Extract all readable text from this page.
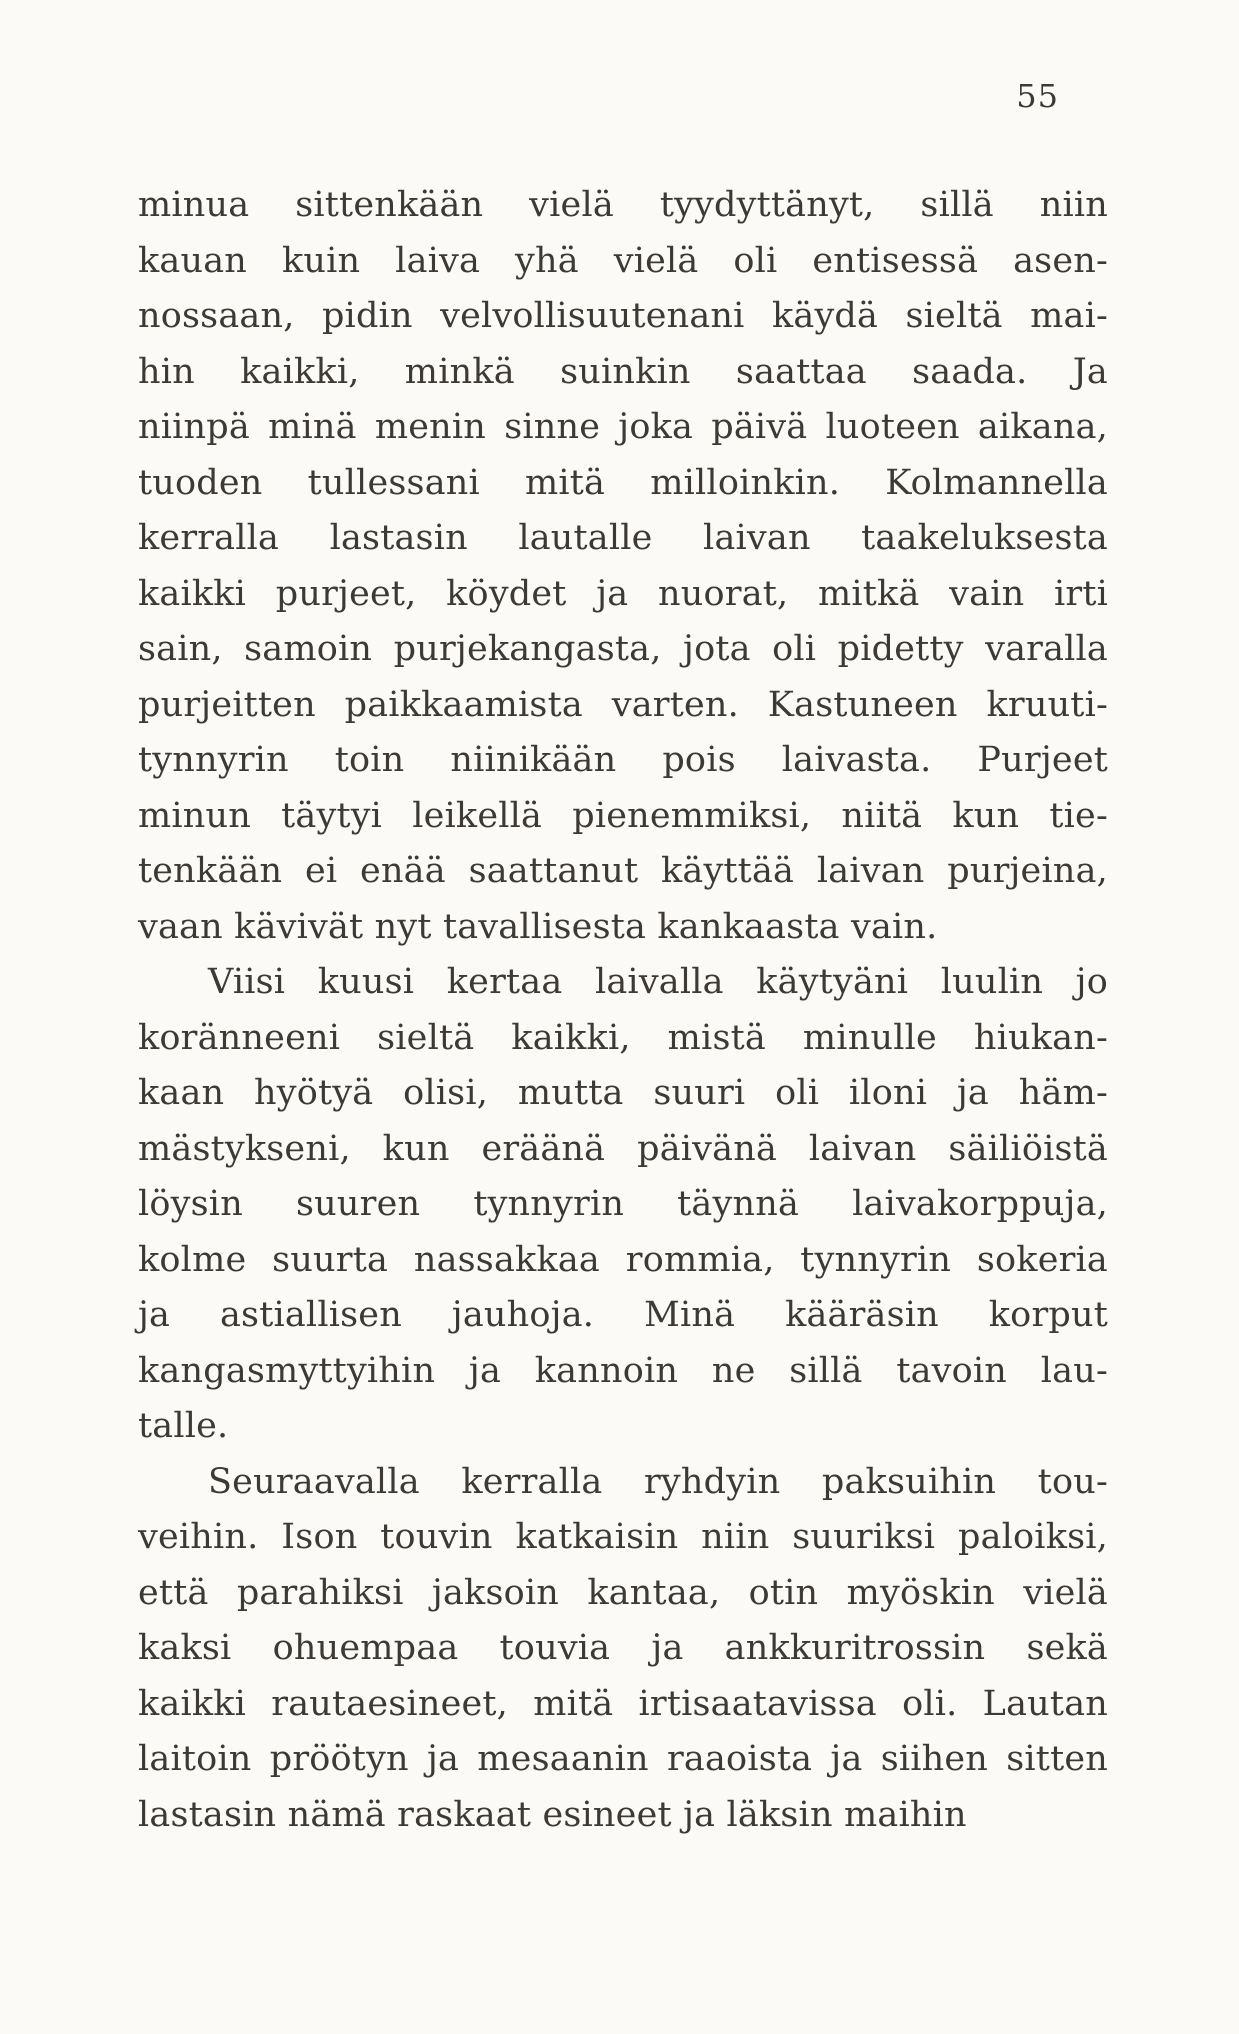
55
minua sittenkään vielä tyydyttänyt, sillä niin
kauan kuin laiva yhä vielä oli entisessä asen-
nossaan, pidin velvollisuutenani käydä sieltä mai-
hin kaikki, minkä suinkin saattaa saada. Ja
niinpä minä menin sinne joka päivä luoteen aikana,
tuoden tullessani mitä milloinkin. Kolmannella
kerralla lastasin lautalle laivan taakeluksesta
kaikki purjeet, köydet ja nuorat, mitkä vain irti
sain, samoin purjekangasta, jota oli pidetty varalla
purjeitten paikkaamista varten. Kastuneen kruuti-
tynnyrin toin niinikään pois laivasta. Purjeet
minun täytyi leikellä pienemmiksi, niitä kun tie-
tenkään ei enää saattanut käyttää laivan purjeina,
vaan kävivät nyt tavallisesta kankaasta vain.
Viisi kuusi kertaa laivalla käytyäni luulin jo
koränneeni sieltä kaikki, mistä minulle hiukan-
kaan hyötyä olisi, mutta suuri oli iloni ja häm-
mästykseni, kun eräänä päivänä laivan säiliöistä
löysin suuren tynnyrin täynnä laivakorppuja,
kolme suurta nassakkaa rommia, tynnyrin sokeria
ja astiallisen jauhoja. Minä kääräsin korput
kangasmyttyihin ja kannoin ne sillä tavoin lau-
talle.
Seuraavalla kerralla ryhdyin paksuihin tou-
veihin. Ison touvin katkaisin niin suuriksi paloiksi,
että parahiksi jaksoin kantaa, otin myöskin vielä
kaksi ohuempaa touvia ja ankkuritrossin sekä
kaikki rautaesineet, mitä irtisaatavissa oli. Lautan
laitoin pröötyn ja mesaanin raaoista ja siihen sitten
lastasin nämä raskaat esineet ja läksin maihin
